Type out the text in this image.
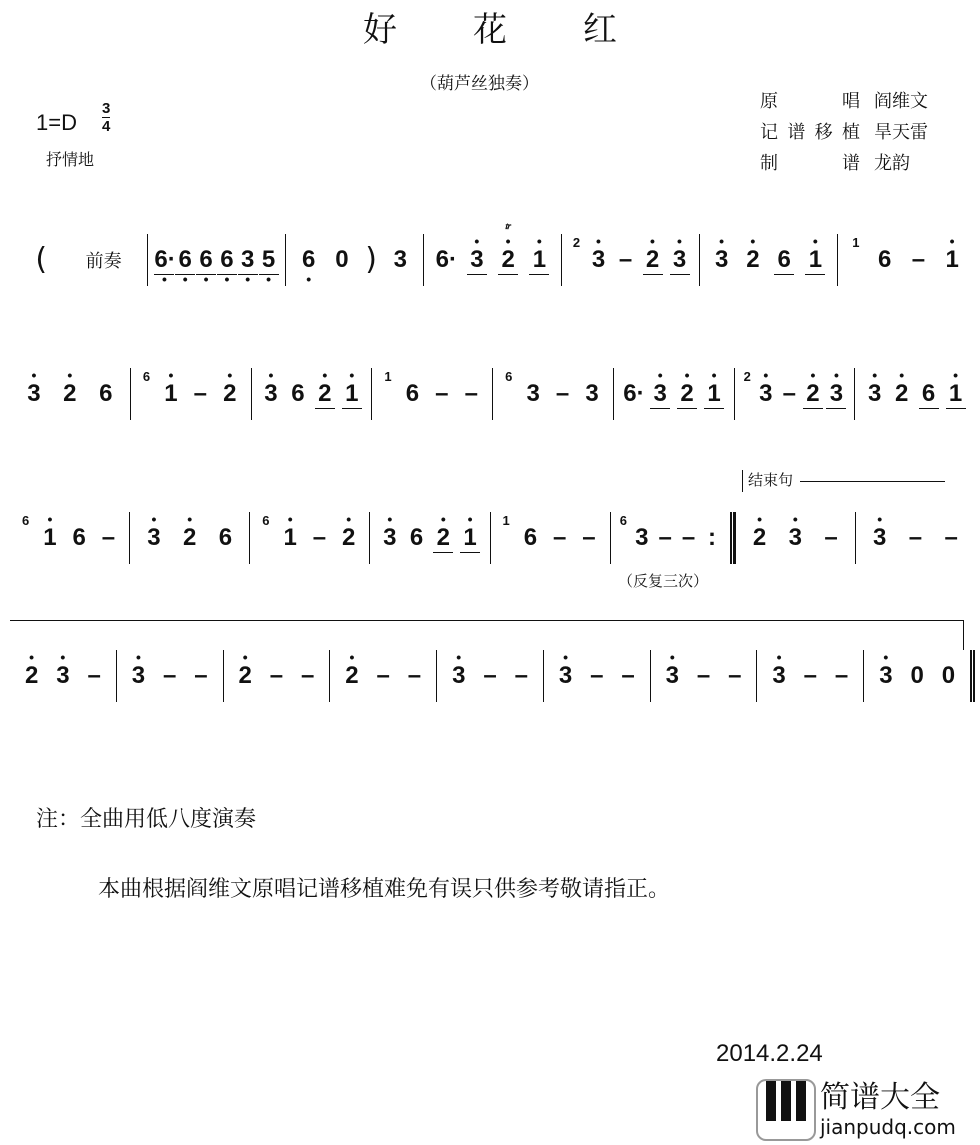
好 花 红
（葫芦丝独奏）
1=D
3
4
抒情地
原唱 阎维文
记谱移植 旱天雷
制谱 龙韵
( 前奏 6·
•
6
•
6
•
6
•
3
•
5
•
6
•
0 ) 3 6· 3
•
2
•
𝆖
1
•	2
3
•
– 2
•
3
•
3
•
2
•
6 1
•	1
6 – 1
•
3
•
2
•
6
6
1
•
– 2
•
3
•
6 2
•
1
•	1
6 – –
6
3 – 3 6· 3
•
2
•
1
•	2
3
•
– 2
•
3
•
3
•
2
•
6 1
•
6
1
•
6 – 3
•
2
•
6
6
1
•
– 2
•
3
•
6 2
•
1
•	1
6 – –
6
3 – – : 2
•
3
•
– 3
•
– –
2
•
3
•
– 3
•
– – 2
•
– – 2
•
– – 3
•
– – 3
•
– – 3
•
– – 3
•
– – 3
•
0 0
（反复三次）
结束句
注：全曲用低八度演奏
本曲根据阎维文原唱记谱移植难免有误只供参考敬请指正。
2014.2.24
简谱大全
jianpudq.com
